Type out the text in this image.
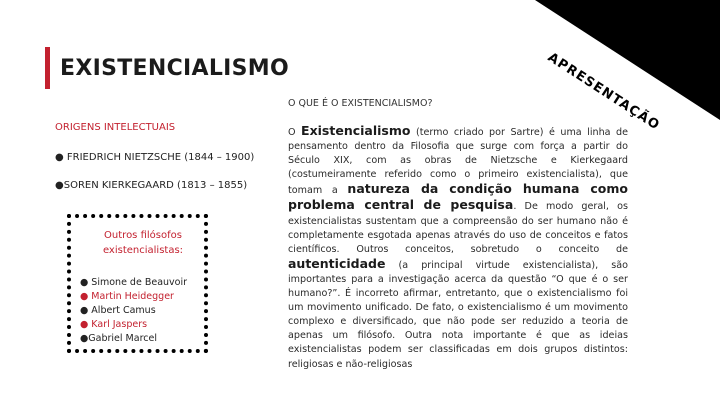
APRESENTAÇÃO
EXISTENCIALISMO
ORIGENS INTELECTUAIS
● FRIEDRICH NIETZSCHE (1844 – 1900)
●SOREN KIERKEGAARD (1813 – 1855)
Outros filósofos existencialistas:
● Simone de Beauvoir
● Martin Heidegger
● Albert Camus
● Karl Jaspers
●Gabriel Marcel
O QUE É O EXISTENCIALISMO?
O Existencialismo (termo criado por Sartre) é uma linha de pensamento dentro da Filosofia que surge com força a partir do Século XIX, com as obras de Nietzsche e Kierkegaard (costumeiramente referido como o primeiro existencialista), que tomam a natureza da condição humana como problema central de pesquisa. De modo geral, os existencialistas sustentam que a compreensão do ser humano não é completamente esgotada apenas através do uso de conceitos e fatos científicos. Outros conceitos, sobretudo o conceito de autenticidade (a principal virtude existencialista), são importantes para a investigação acerca da questão “O que é o ser humano?”. É incorreto afirmar, entretanto, que o existencialismo foi um movimento unificado. De fato, o existencialismo é um movimento complexo e diversificado, que não pode ser reduzido a teoria de apenas um filósofo. Outra nota importante é que as ideias existencialistas podem ser classificadas em dois grupos distintos: religiosas e não-religiosas
